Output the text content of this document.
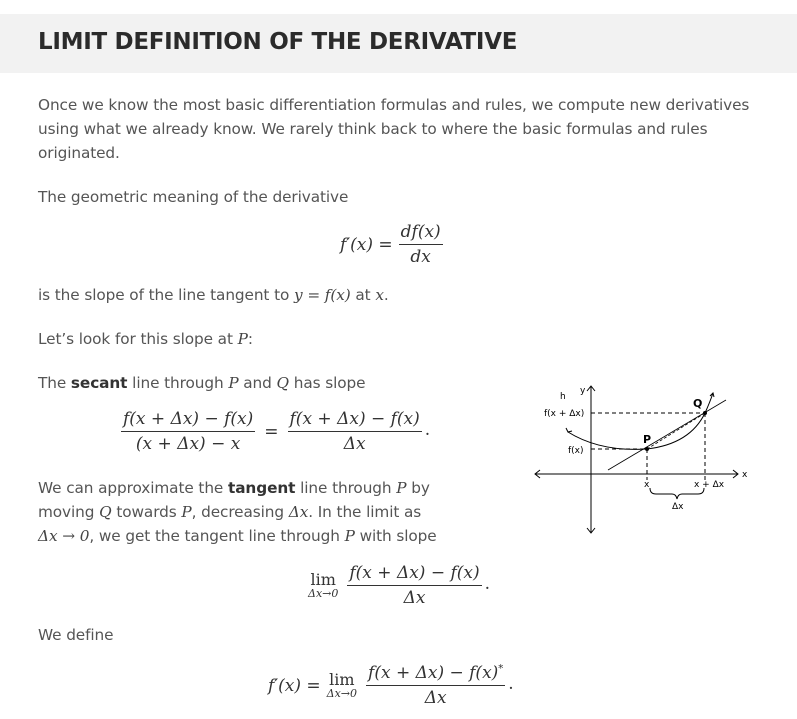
LIMIT DEFINITION OF THE DERIVATIVE

Once we know the most basic differentiation formulas and rules, we compute new derivatives using what we already know. We rarely think back to where the basic formulas and rules originated.

The geometric meaning of the derivative

$f'(x) = \frac{df(x)}{dx}$

is the slope of the line tangent to y = f(x) at x.

Let’s look for this slope at P:

The secant line through P and Q has slope

$\frac{f(x + \Delta x) - f(x)}{(x + \Delta x) - x} = \frac{f(x + \Delta x) - f(x)}{\Delta x}$ .

We can approximate the tangent line through P by
moving Q towards P, decreasing Δx. In the limit as
Δx → 0, we get the tangent line through P with slope

lim
$\Delta x\to 0 \frac{f(x + \Delta x) - f(x)}{\Delta x}$ .

We define

f′(x) = lim
$\Delta x\to 0 \frac{f(x + \Delta x) - f(x)^*}{\Delta x}$ .
h
y
x
f(x + Δx)
f(x)
P
Q
x	x + Δx
Δx
